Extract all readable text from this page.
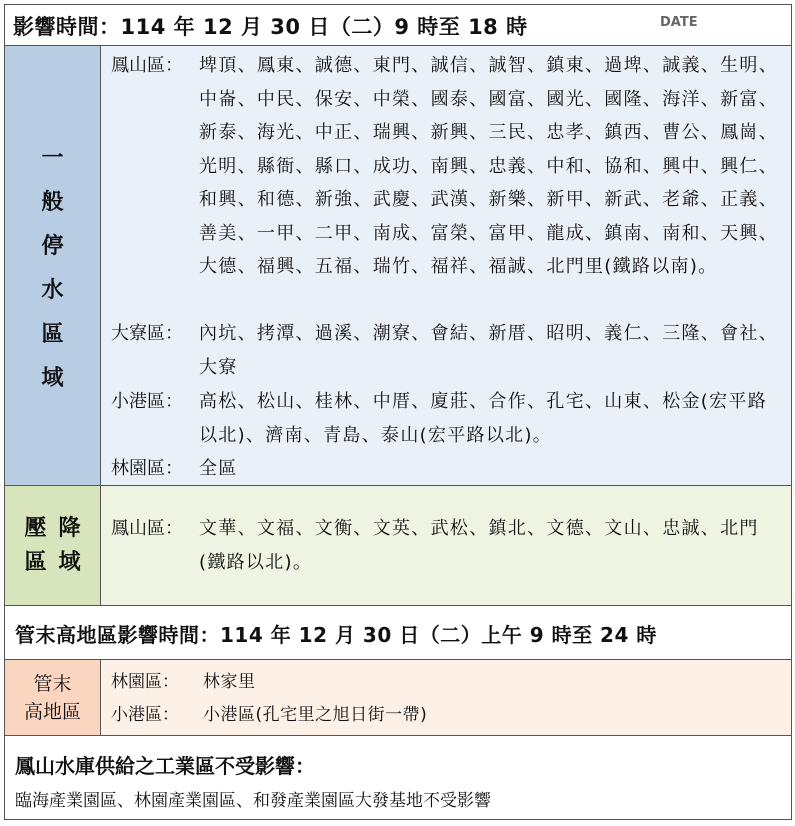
影響時間：114 年 12 月 30 日（二）9 時至 18 時	DATE
一
般
停
水
區
域
鳳山區： 埤頂、鳳東、誠德、東門、誠信、誠智、鎮東、過埤、誠義、生明、中崙、中民、保安、中榮、國泰、國富、國光、國隆、海洋、新富、新泰、海光、中正、瑞興、新興、三民、忠孝、鎮西、曹公、鳳崗、光明、縣衙、縣口、成功、南興、忠義、中和、協和、興中、興仁、和興、和德、新強、武慶、武漢、新樂、新甲、新武、老爺、正義、善美、一甲、二甲、南成、富榮、富甲、龍成、鎮南、南和、天興、大德、福興、五福、瑞竹、福祥、福誠、北門里(鐵路以南)。
大寮區： 內坑、拷潭、過溪、潮寮、會結、新厝、昭明、義仁、三隆、會社、大寮
小港區： 高松、松山、桂林、中厝、廈莊、合作、孔宅、山東、松金(宏平路以北)、濟南、青島、泰山(宏平路以北)。
林園區： 全區
壓降
區域
鳳山區： 文華、文福、文衡、文英、武松、鎮北、文德、文山、忠誠、北門(鐵路以北)。
管末高地區影響時間：114 年 12 月 30 日（二）上午 9 時至 24 時
管末
高地區
林園區： 林家里
小港區： 小港區(孔宅里之旭日街一帶)
鳳山水庫供給之工業區不受影響：
臨海產業園區、林園產業園區、和發產業園區大發基地不受影響
